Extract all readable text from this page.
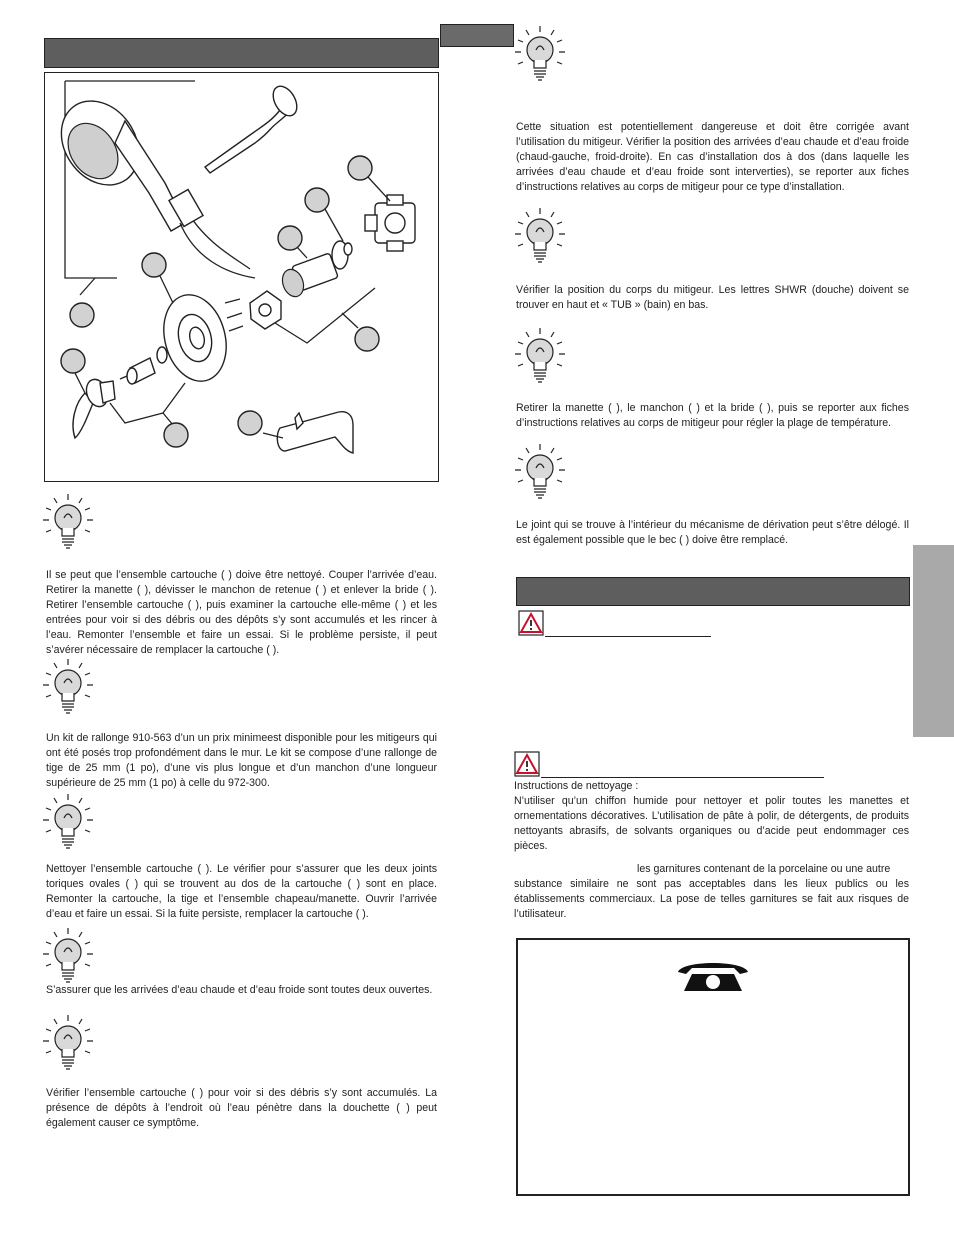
Il se peut que l’ensemble cartouche ( ) doive être nettoyé. Couper l’arrivée d’eau. Retirer la manette ( ), dévisser le manchon de retenue ( ) et enlever la bride ( ). Retirer l’ensemble cartouche ( ), puis examiner la cartouche elle-même ( ) et les entrées pour voir si des débris ou des dépôts s’y sont accumulés et les rincer à l’eau. Remonter l’ensemble et faire un essai. Si le problème persiste, il peut s’avérer nécessaire de remplacer la cartouche ( ).
Un kit de rallonge 910-563 d’un un prix minimeest disponible pour les mitigeurs qui ont été posés trop profondément dans le mur. Le kit se compose d’une rallonge de tige de 25 mm (1 po), d’une vis plus longue et d’un manchon d’une longueur supérieure de 25 mm (1 po) à celle du 972-300.
Nettoyer l’ensemble cartouche ( ). Le vérifier pour s’assurer que les deux joints toriques ovales ( ) qui se trouvent au dos de la cartouche ( ) sont en place. Remonter la cartouche, la tige et l’ensemble chapeau/manette. Ouvrir l’arrivée d’eau et faire un essai. Si la fuite persiste, remplacer la cartouche ( ).
S’assurer que les arrivées d’eau chaude et d’eau froide sont toutes deux ouvertes.
Vérifier l’ensemble cartouche ( ) pour voir si des débris s’y sont accumulés. La présence de dépôts à l’endroit où l’eau pénètre dans la douchette ( ) peut également causer ce symptôme.
Cette situation est potentiellement dangereuse et doit être corrigée avant l’utilisation du mitigeur. Vérifier la position des arrivées d’eau chaude et d’eau froide (chaud-gauche, froid-droite). En cas d’installation dos à dos (dans laquelle les arrivées d’eau chaude et d’eau froide sont interverties), se reporter aux fiches d’instructions relatives au corps de mitigeur pour ce type d’installation.
Vérifier la position du corps du mitigeur. Les lettres SHWR (douche) doivent se trouver en haut et « TUB » (bain) en bas.
Retirer la manette ( ), le manchon ( ) et la bride ( ), puis se reporter aux fiches d’instructions relatives au corps de mitigeur pour régler la plage de température.
Le joint qui se trouve à l’intérieur du mécanisme de dérivation peut s’être délogé. Il est également possible que le bec ( ) doive être remplacé.
Instructions de nettoyage :
N’utiliser qu’un chiffon humide pour nettoyer et polir toutes les manettes et ornementations décoratives. L’utilisation de pâte à polir, de détergents, de produits nettoyants abrasifs, de solvants organiques ou d’acide peut endommager ces pièces.
les garnitures contenant de la porcelaine ou une autre
substance similaire ne sont pas acceptables dans les lieux publics ou les établissements commerciaux. La pose de telles garnitures se fait aux risques de l’utilisateur.
